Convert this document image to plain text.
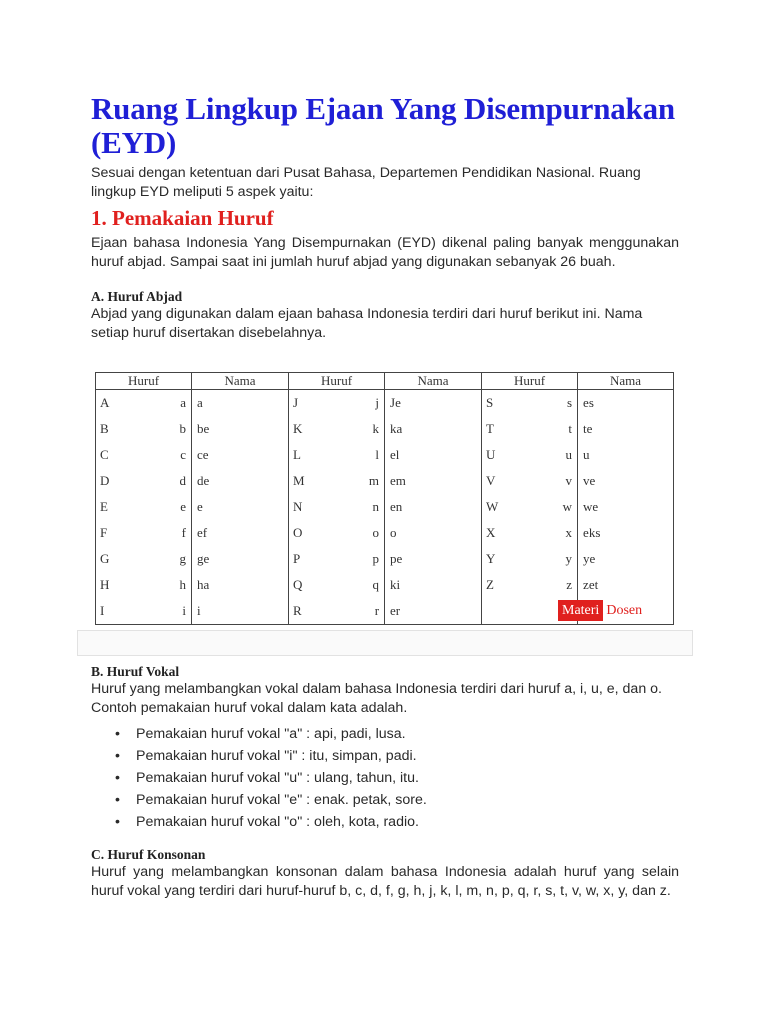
Ruang Lingkup Ejaan Yang Disempurnakan (EYD)

Sesuai dengan ketentuan dari Pusat Bahasa, Departemen Pendidikan Nasional. Ruang lingkup EYD meliputi 5 aspek yaitu:

1. Pemakaian Huruf

Ejaan bahasa Indonesia Yang Disempurnakan (EYD) dikenal paling banyak menggunakan huruf abjad. Sampai saat ini jumlah huruf abjad yang digunakan sebanyak 26 buah.

A. Huruf Abjad

Abjad yang digunakan dalam ejaan bahasa Indonesia terdiri dari huruf berikut ini. Nama setiap huruf disertakan disebelahnya.

Huruf		Nama	Huruf		Nama	Huruf		Nama
A	a	a	J	j	Je	S	s	es
B	b	be	K	k	ka	T	t	te
C	c	ce	L	l	el	U	u	u
D	d	de	M	m	em	V	v	ve
E	e	e	N	n	en	W	w	we
F	f	ef	O	o	o	X	x	eks
G	g	ge	P	p	pe	Y	y	ye
H	h	ha	Q	q	ki	Z	z	zet
I	i	i	R	r	er				Materi Dosen
B. Huruf Vokal

Huruf yang melambangkan vokal dalam bahasa Indonesia terdiri dari huruf a, i, u, e, dan o. Contoh pemakaian huruf vokal dalam kata adalah.

• Pemakaian huruf vokal "a" : api, padi, lusa.
• Pemakaian huruf vokal "i" : itu, simpan, padi.
• Pemakaian huruf vokal "u" : ulang, tahun, itu.
• Pemakaian huruf vokal "e" : enak. petak, sore.
• Pemakaian huruf vokal "o" : oleh, kota, radio.
C. Huruf Konsonan

Huruf yang melambangkan konsonan dalam bahasa Indonesia adalah huruf yang selain huruf vokal yang terdiri dari huruf-huruf b, c, d, f, g, h, j, k, l, m, n, p, q, r, s, t, v, w, x, y, dan z.
